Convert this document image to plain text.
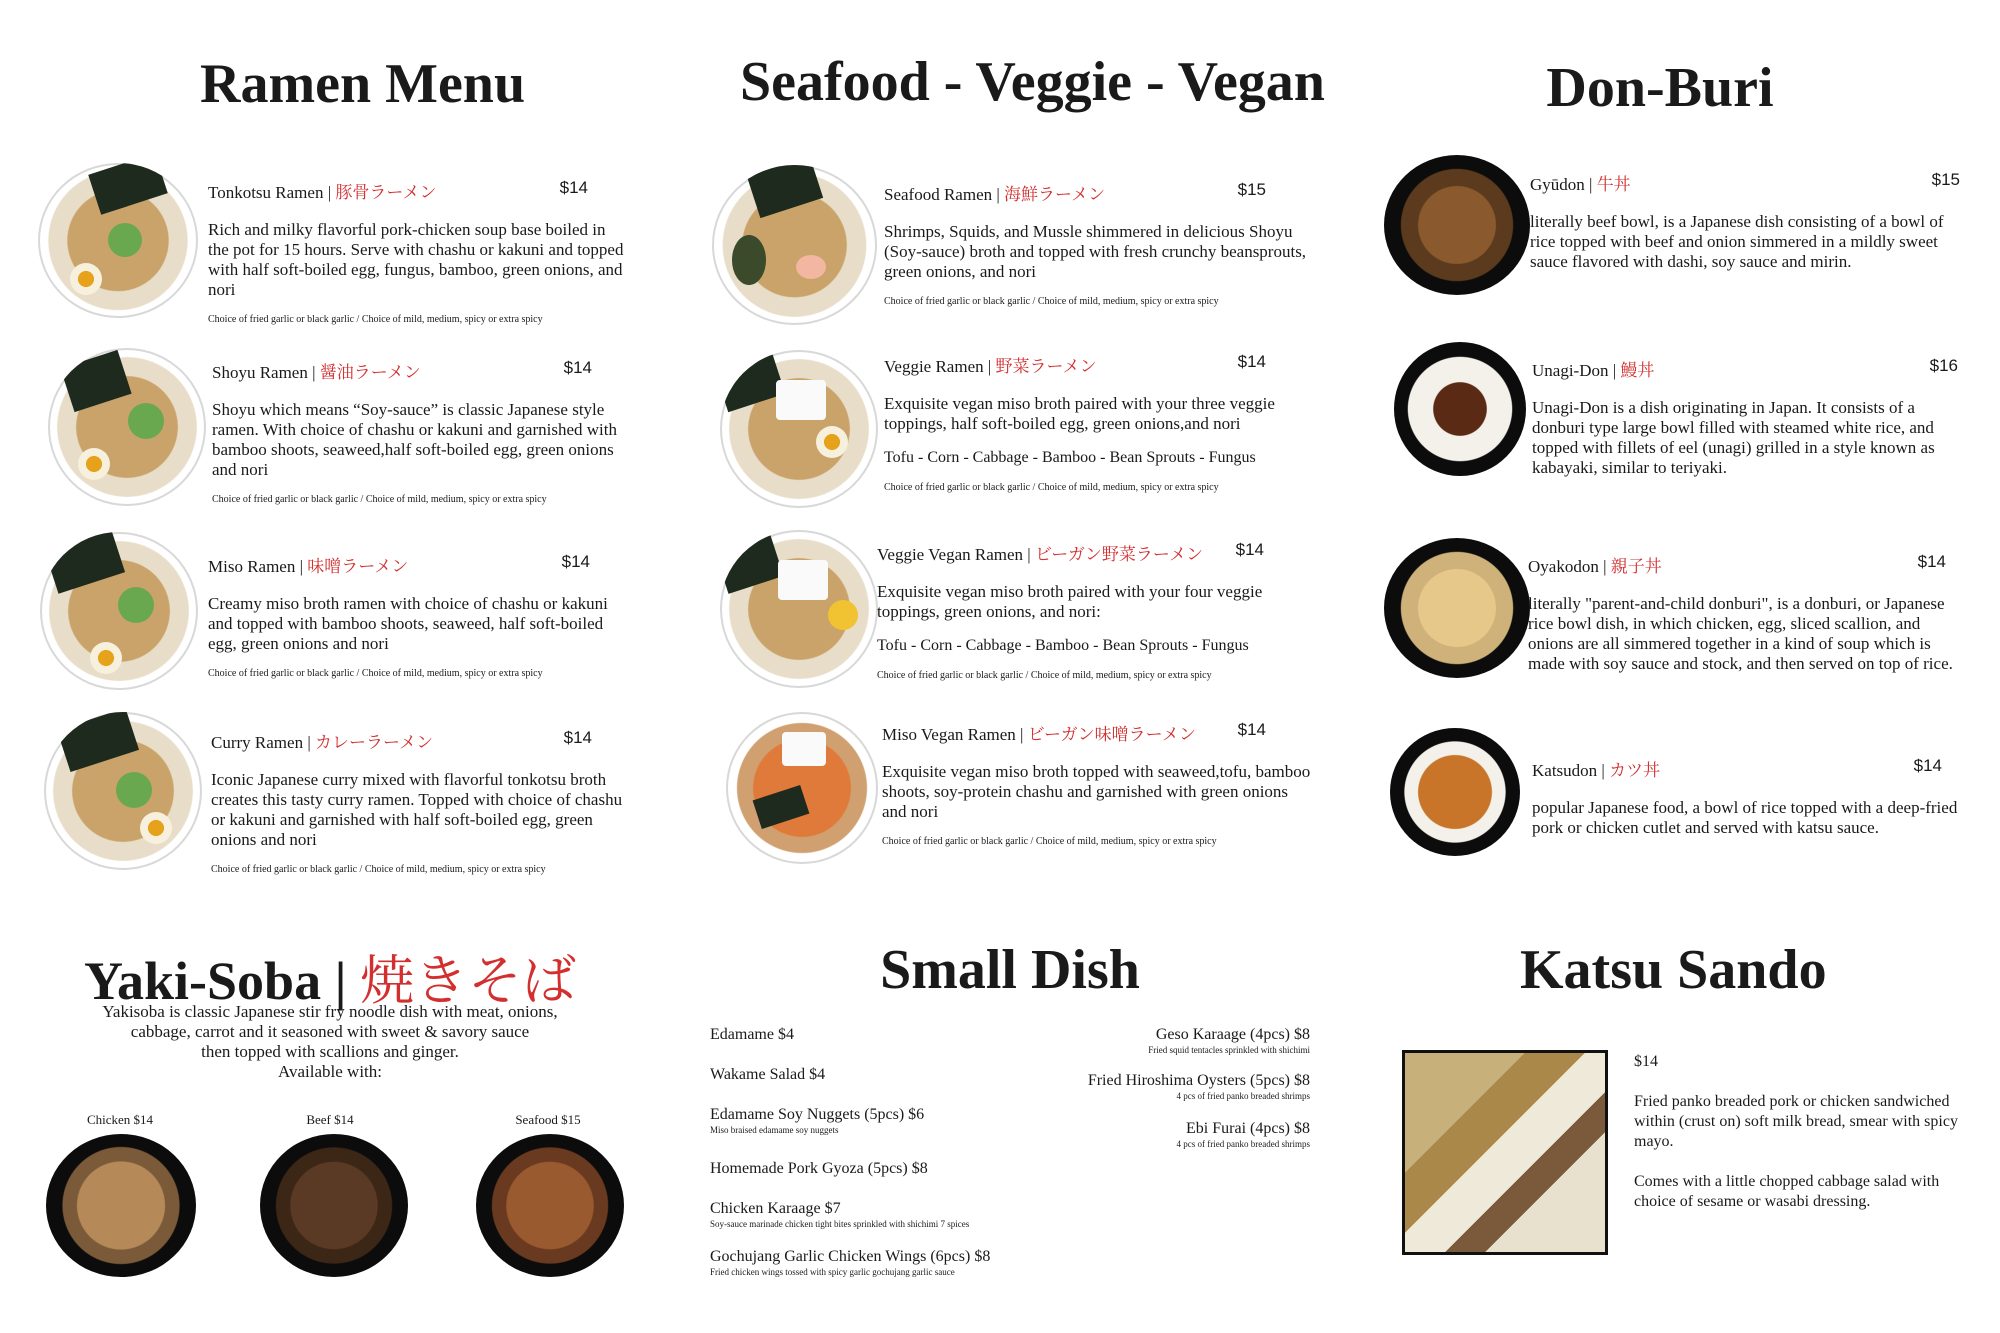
Ramen Menu
Tonkotsu Ramen | 豚骨ラーメン	$14
Rich and milky flavorful pork-chicken soup base boiled in the pot for 15 hours. Serve with chashu or kakuni and topped with half soft-boiled egg, fungus, bamboo, green onions, and nori
Choice of fried garlic or black garlic / Choice of mild, medium, spicy or extra spicy
Shoyu Ramen | 醤油ラーメン	$14
Shoyu which means “Soy-sauce” is classic Japanese style ramen. With choice of chashu or kakuni and garnished with bamboo shoots, seaweed,half soft-boiled egg, green onions and nori
Choice of fried garlic or black garlic / Choice of mild, medium, spicy or extra spicy
Miso Ramen | 味噌ラーメン	$14
Creamy miso broth ramen with choice of chashu or kakuni and topped with bamboo shoots, seaweed, half soft-boiled egg, green onions and nori
Choice of fried garlic or black garlic / Choice of mild, medium, spicy or extra spicy
Curry Ramen | カレーラーメン	$14
Iconic Japanese curry mixed with flavorful tonkotsu broth creates this tasty curry ramen. Topped with choice of chashu or kakuni and garnished with half soft-boiled egg, green onions and nori
Choice of fried garlic or black garlic / Choice of mild, medium, spicy or extra spicy
Seafood - Veggie - Vegan
Seafood Ramen | 海鮮ラーメン	$15
Shrimps, Squids, and Mussle shimmered in delicious Shoyu (Soy-sauce) broth and topped with fresh crunchy beansprouts, green onions, and nori
Choice of fried garlic or black garlic / Choice of mild, medium, spicy or extra spicy
Veggie Ramen | 野菜ラーメン	$14
Exquisite vegan miso broth paired with your three veggie toppings, half soft-boiled egg, green onions,and nori
Tofu - Corn - Cabbage - Bamboo - Bean Sprouts - Fungus
Choice of fried garlic or black garlic / Choice of mild, medium, spicy or extra spicy
Veggie Vegan Ramen | ビーガン野菜ラーメン $14
Exquisite vegan miso broth paired with your four veggie toppings, green onions, and nori:
Tofu - Corn - Cabbage - Bamboo - Bean Sprouts - Fungus
Choice of fried garlic or black garlic / Choice of mild, medium, spicy or extra spicy
Miso Vegan Ramen | ビーガン味噌ラーメン $14
Exquisite vegan miso broth topped with seaweed,tofu, bamboo shoots, soy-protein chashu and garnished with green onions and nori
Choice of fried garlic or black garlic / Choice of mild, medium, spicy or extra spicy
Don-Buri
Gyūdon | 牛丼	$15
literally beef bowl, is a Japanese dish consisting of a bowl of rice topped with beef and onion simmered in a mildly sweet sauce flavored with dashi, soy sauce and mirin.
Unagi-Don | 鰻丼	$16
Unagi-Don is a dish originating in Japan. It consists of a donburi type large bowl filled with steamed white rice, and topped with fillets of eel (unagi) grilled in a style known as kabayaki, similar to teriyaki.
Oyakodon | 親子丼	$14
literally "parent-and-child donburi", is a donburi, or Japanese rice bowl dish, in which chicken, egg, sliced scallion, and onions are all simmered together in a kind of soup which is made with soy sauce and stock, and then served on top of rice.
Katsudon | カツ丼	$14
popular Japanese food, a bowl of rice topped with a deep-fried pork or chicken cutlet and served with katsu sauce.
Yaki-Soba | 焼きそば
Yakisoba is classic Japanese stir fry noodle dish with meat, onions,
cabbage, carrot and it seasoned with sweet & savory sauce
then topped with scallions and ginger.
Available with:
Chicken $14	Beef $14	Seafood $15
Small Dish
Edamame $4
Wakame Salad $4
Edamame Soy Nuggets (5pcs) $6
Miso braised edamame soy nuggets
Homemade Pork Gyoza (5pcs) $8
Chicken Karaage $7
Soy-sauce marinade chicken tight bites sprinkled with shichimi 7 spices
Gochujang Garlic Chicken Wings (6pcs) $8
Fried chicken wings tossed with spicy garlic gochujang garlic sauce
Geso Karaage (4pcs) $8
Fried squid tentacles sprinkled with shichimi
Fried Hiroshima Oysters (5pcs) $8
4 pcs of fried panko breaded shrimps
Ebi Furai (4pcs) $8
4 pcs of fried panko breaded shrimps
Katsu Sando
$14
Fried panko breaded pork or chicken sandwiched within (crust on) soft milk bread, smear with spicy mayo.
Comes with a little chopped cabbage salad with choice of sesame or wasabi dressing.
